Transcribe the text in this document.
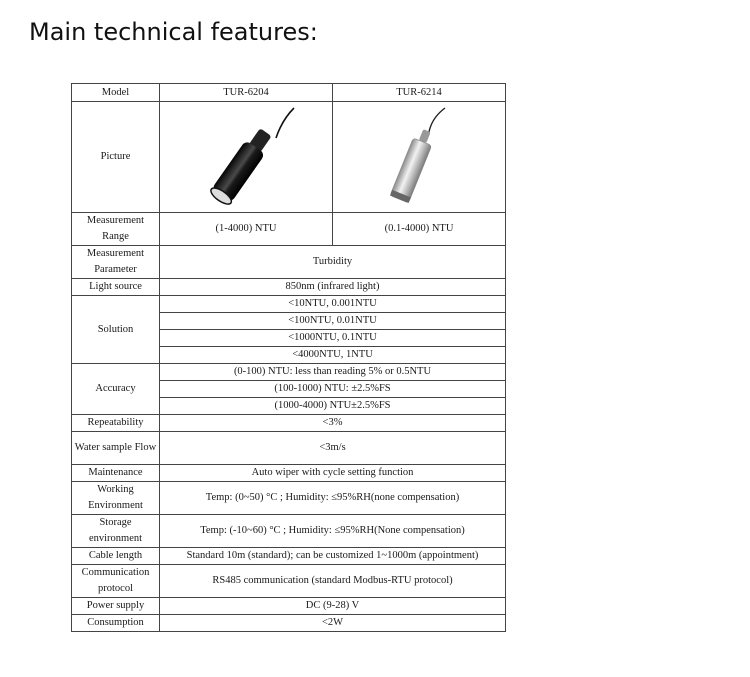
Main technical features:
Model	TUR-6204	TUR-6214
Picture		
Measurement Range	(1-4000) NTU	(0.1-4000) NTU
Measurement Parameter	Turbidity	
Light source	850nm (infrared light)	
Solution	<10NTU, 0.001NTU	
	<100NTU, 0.01NTU	
	<1000NTU, 0.1NTU	
	<4000NTU, 1NTU	
Accuracy	(0-100) NTU: less than reading 5% or 0.5NTU	
	(100-1000) NTU: ±2.5%FS	
	(1000-4000) NTU±2.5%FS	
Repeatability	<3%	
Water sample Flow	<3m/s	
Maintenance	Auto wiper with cycle setting function	
Working Environment	Temp: (0~50) °C ; Humidity: ≤95%RH(none compensation)	
Storage environment	Temp: (-10~60) °C ; Humidity: ≤95%RH(None compensation)	
Cable length	Standard 10m (standard); can be customized 1~1000m (appointment)	
Communication protocol	RS485 communication (standard Modbus-RTU protocol)	
Power supply	DC (9-28) V	
Consumption	<2W	
